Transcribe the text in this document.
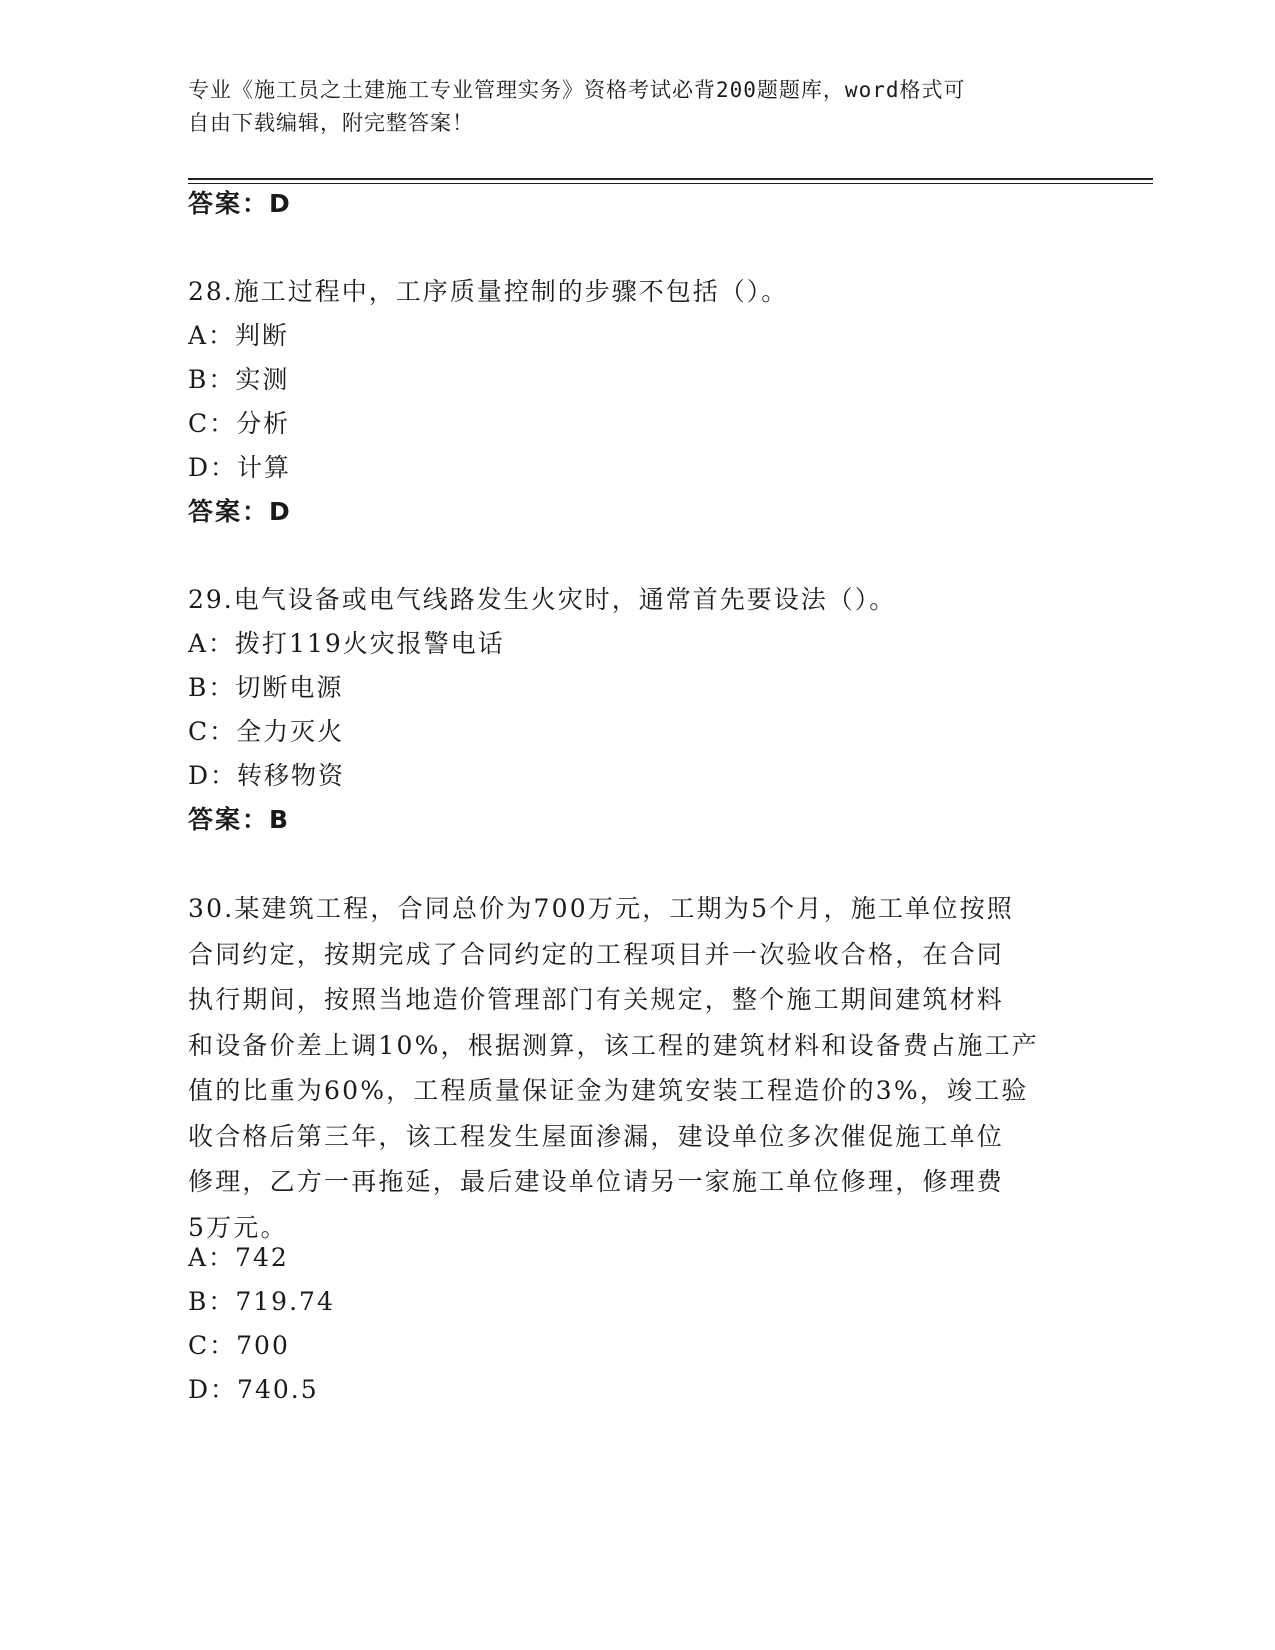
专业《施工员之土建施工专业管理实务》资格考试必背200题题库，word格式可
自由下载编辑，附完整答案！
答案：D
28.施工过程中，工序质量控制的步骤不包括（）。
A：判断
B：实测
C：分析
D：计算
答案：D
29.电气设备或电气线路发生火灾时，通常首先要设法（）。
A：拨打119火灾报警电话
B：切断电源
C：全力灭火
D：转移物资
答案：B
30.某建筑工程，合同总价为700万元，工期为5个月，施工单位按照
合同约定，按期完成了合同约定的工程项目并一次验收合格，在合同
执行期间，按照当地造价管理部门有关规定，整个施工期间建筑材料
和设备价差上调10%，根据测算，该工程的建筑材料和设备费占施工产
值的比重为60%，工程质量保证金为建筑安装工程造价的3%，竣工验
收合格后第三年，该工程发生屋面渗漏，建设单位多次催促施工单位
修理，乙方一再拖延，最后建设单位请另一家施工单位修理，修理费
5万元。
A：742
B：719.74
C：700
D：740.5
